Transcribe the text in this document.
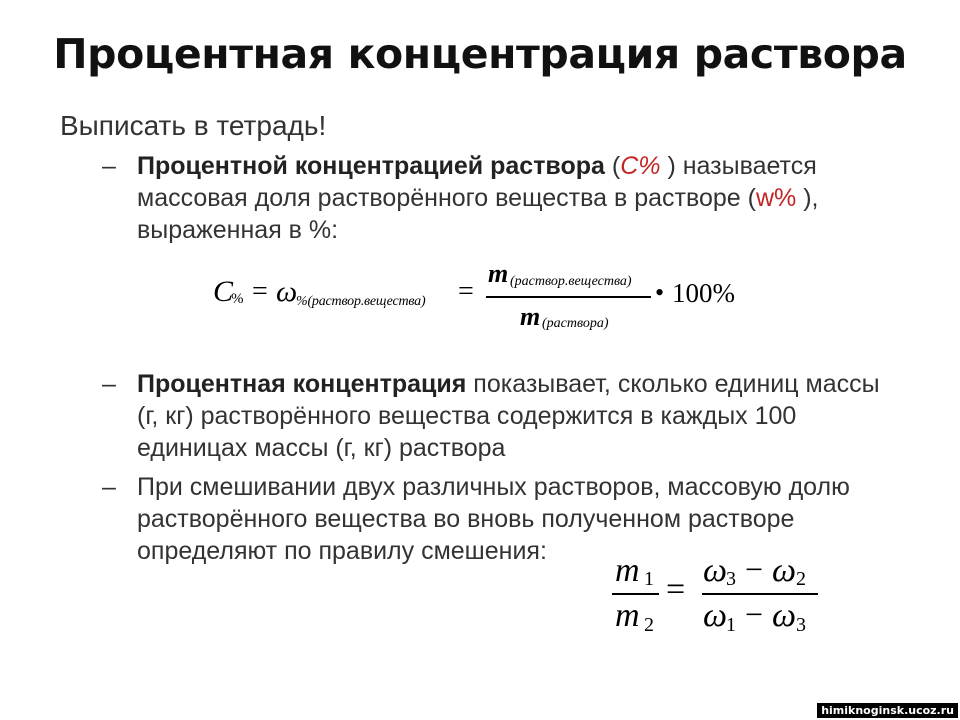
Процентная концентрация раствора
Выписать в тетрадь!
– Процентной концентрацией раствора (С% ) называется массовая доля растворённого вещества в растворе (w% ), выраженная в %:
C
% = ω
%(раствор.вещества) =
m (раствор.вещества)
m (раствора)
• 100%
– Процентная концентрация показывает, сколько единиц массы (г, кг) растворённого вещества содержится в каждых 100 единицах массы (г, кг) раствора
– При смешивании двух различных растворов, массовую долю растворённого вещества во вновь полученном растворе определяют по правилу смешения:
m 1
m 2
=
ω
3 − ω 2
ω
1 − ω 3
himiknoginsk.ucoz.ru
